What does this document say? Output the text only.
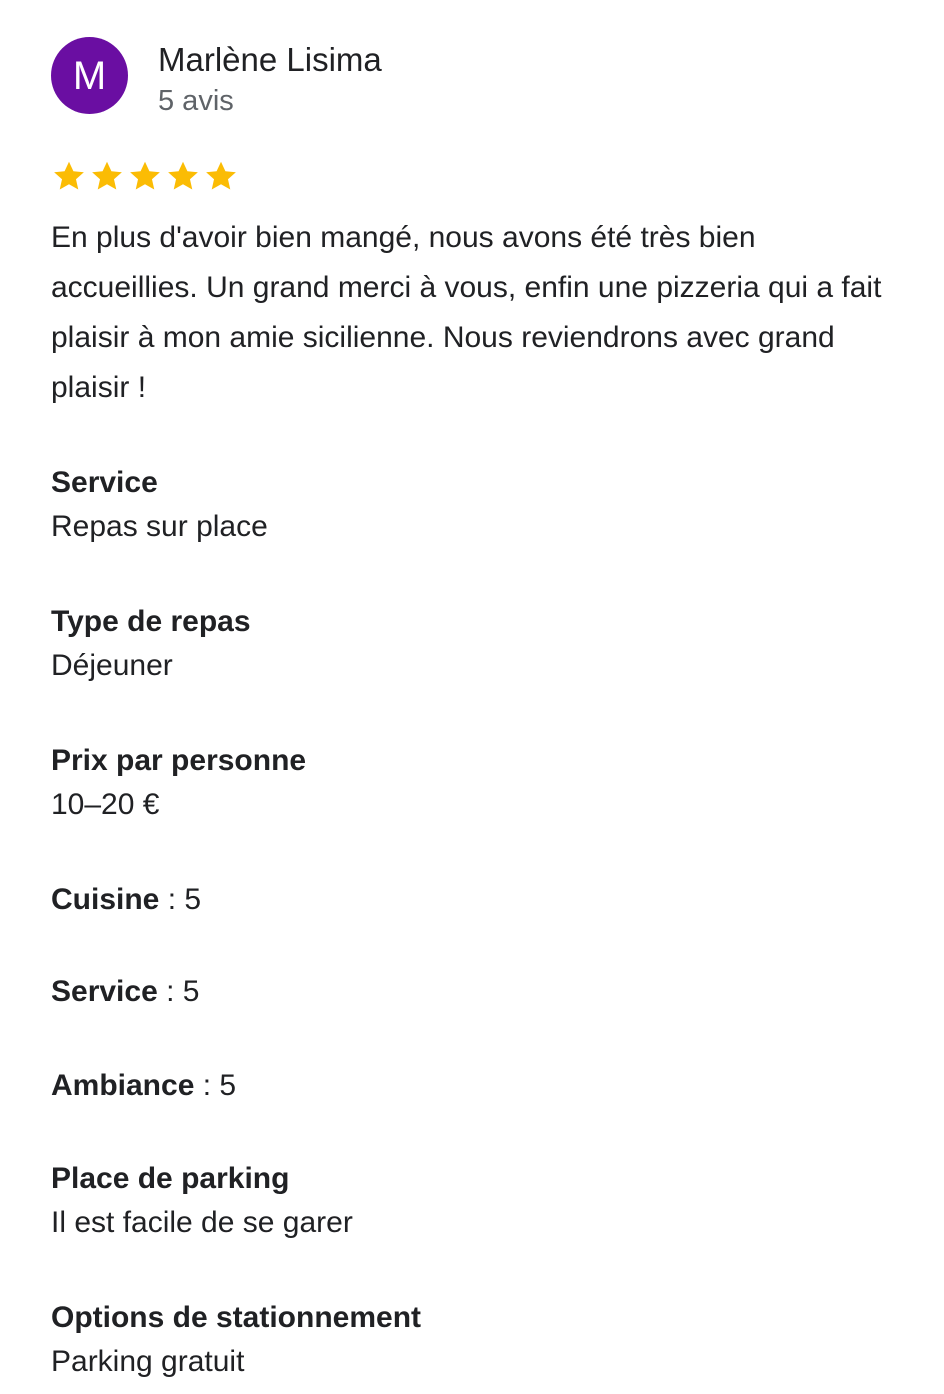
M Marlène Lisima
5 avis

En plus d'avoir bien mangé, nous avons été très bien accueillies. Un grand merci à vous, enfin une pizzeria qui a fait plaisir à mon amie sicilienne. Nous reviendrons avec grand plaisir !

Service
Repas sur place
Type de repas
Déjeuner
Prix par personne
10–20 €
Cuisine : 5
Service : 5
Ambiance : 5
Place de parking
Il est facile de se garer
Options de stationnement
Parking gratuit
